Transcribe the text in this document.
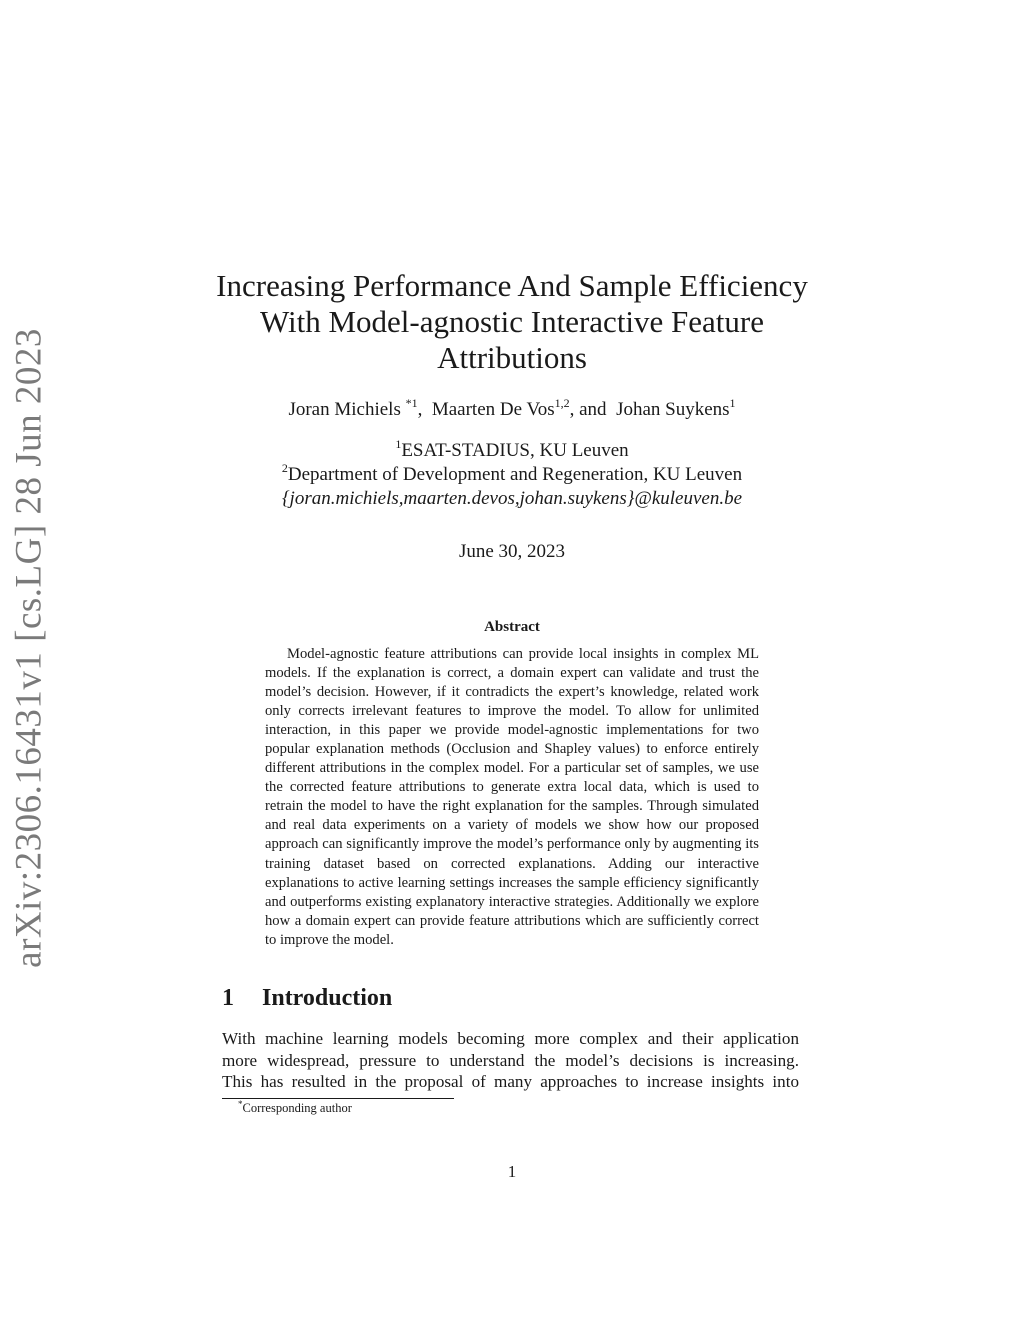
arXiv:2306.16431v1 [cs.LG] 28 Jun 2023
Increasing Performance And Sample Efficiency
With Model-agnostic Interactive Feature
Attributions
Joran Michiels $^{*1}$,  Maarten De Vos$^{1,2}$, and  Johan Suykens$^1$
$^1$ESAT-STADIUS, KU Leuven
$^2$Department of Development and Regeneration, KU Leuven
{joran.michiels,maarten.devos,johan.suykens}@kuleuven.be
June 30, 2023
Abstract
Model-agnostic feature attributions can provide local insights in complex ML models. If the explanation is correct, a domain expert can validate and trust the model’s decision. However, if it contradicts the expert’s knowledge, related work only corrects irrelevant features to improve the model. To allow for unlimited interaction, in this paper we provide model-agnostic implementations for two popular explanation methods (Occlusion and Shapley values) to enforce entirely different attributions in the complex model. For a particular set of samples, we use the corrected feature attributions to generate extra local data, which is used to retrain the model to have the right explanation for the samples. Through simulated and real data experiments on a variety of models we show how our proposed approach can significantly improve the model’s performance only by augmenting its training dataset based on corrected explanations. Adding our interactive explanations to active learning settings increases the sample efficiency significantly and outperforms existing explanatory interactive strategies. Additionally we explore how a domain expert can provide feature attributions which are sufficiently correct to improve the model.
1 Introduction
With machine learning models becoming more complex and their application
more widespread, pressure to understand the model’s decisions is increasing.
This has resulted in the proposal of many approaches to increase insights into
*Corresponding author
1
